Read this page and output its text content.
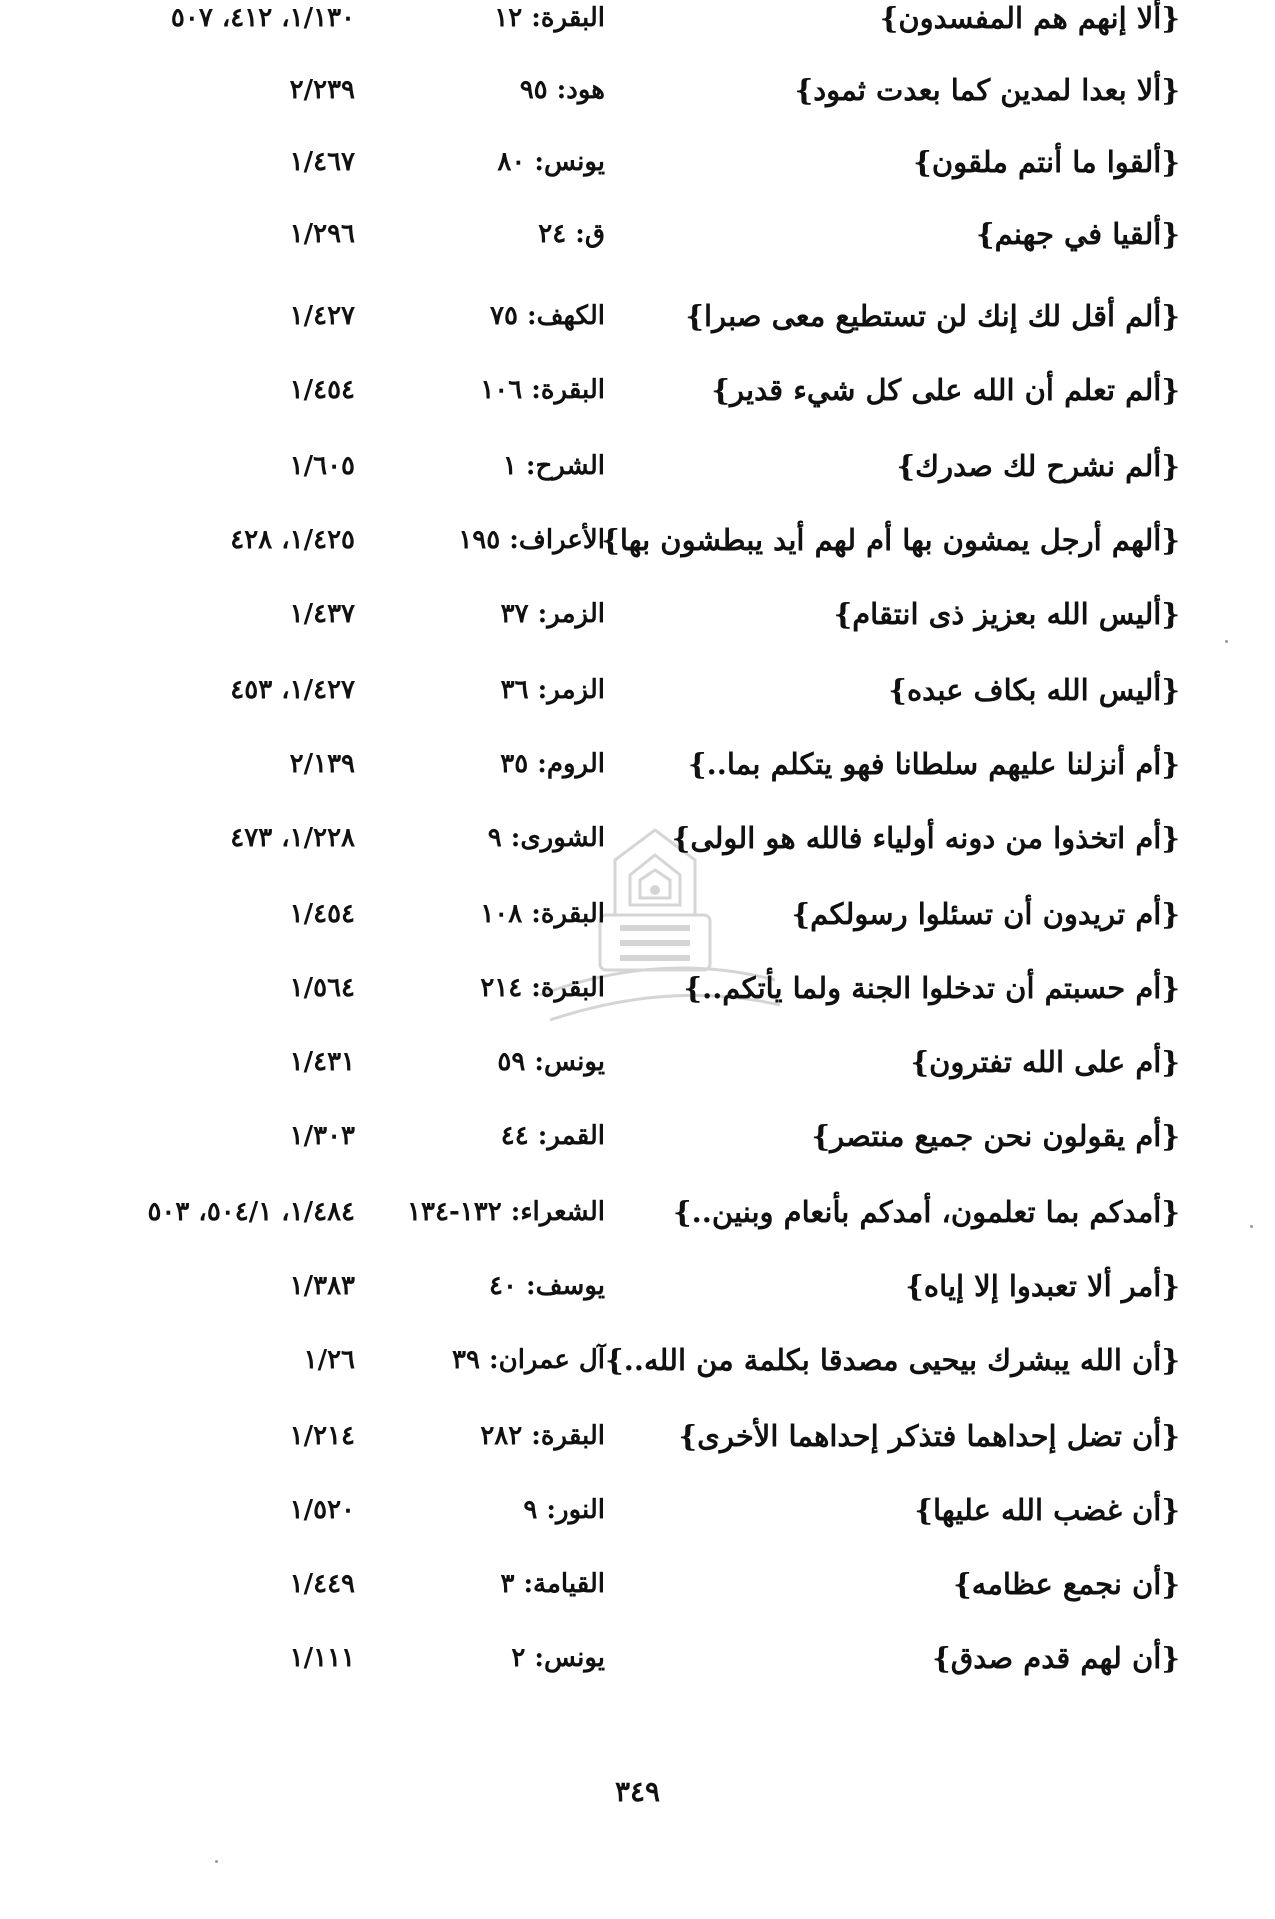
{ألا إنهم هم المفسدون}
البقرة: ١٢
١/١٣٠، ٤١٢، ٥٠٧
{ألا بعدا لمدين كما بعدت ثمود}
هود: ٩٥
٢/٢٣٩
{ألقوا ما أنتم ملقون}
يونس: ٨٠
١/٤٦٧
{ألقيا في جهنم}
ق: ٢٤
١/٢٩٦
{ألم أقل لك إنك لن تستطيع معى صبرا}
الكهف: ٧٥
١/٤٢٧
{ألم تعلم أن الله على كل شيء قدير}
البقرة: ١٠٦
١/٤٥٤
{ألم نشرح لك صدرك}
الشرح: ١
١/٦٠٥
{ألهم أرجل يمشون بها أم لهم أيد يبطشون بها}
الأعراف: ١٩٥
١/٤٢٥، ٤٢٨
{أليس الله بعزيز ذى انتقام}
الزمر: ٣٧
١/٤٣٧
{أليس الله بكاف عبده}
الزمر: ٣٦
١/٤٢٧، ٤٥٣
{أم أنزلنا عليهم سلطانا فهو يتكلم بما..}
الروم: ٣٥
٢/١٣٩
{أم اتخذوا من دونه أولياء فالله هو الولى}
الشورى: ٩
١/٢٢٨، ٤٧٣
{أم تريدون أن تسئلوا رسولكم}
البقرة: ١٠٨
١/٤٥٤
{أم حسبتم أن تدخلوا الجنة ولما يأتكم..}
البقرة: ٢١٤
١/٥٦٤
{أم على الله تفترون}
يونس: ٥٩
١/٤٣١
{أم يقولون نحن جميع منتصر}
القمر: ٤٤
١/٣٠٣
{أمدكم بما تعلمون، أمدكم بأنعام وبنين..}
الشعراء: ١٣٢-١٣٤
١/٤٨٤، ٥٠٤/١، ٥٠٣
{أمر ألا تعبدوا إلا إياه}
يوسف: ٤٠
١/٣٨٣
{أن الله يبشرك بيحيى مصدقا بكلمة من الله..}
آل عمران: ٣٩
١/٢٦
{أن تضل إحداهما فتذكر إحداهما الأخرى}
البقرة: ٢٨٢
١/٢١٤
{أن غضب الله عليها}
النور: ٩
١/٥٢٠
{أن نجمع عظامه}
القيامة: ٣
١/٤٤٩
{أن لهم قدم صدق}
يونس: ٢
١/١١١
٣٤٩
